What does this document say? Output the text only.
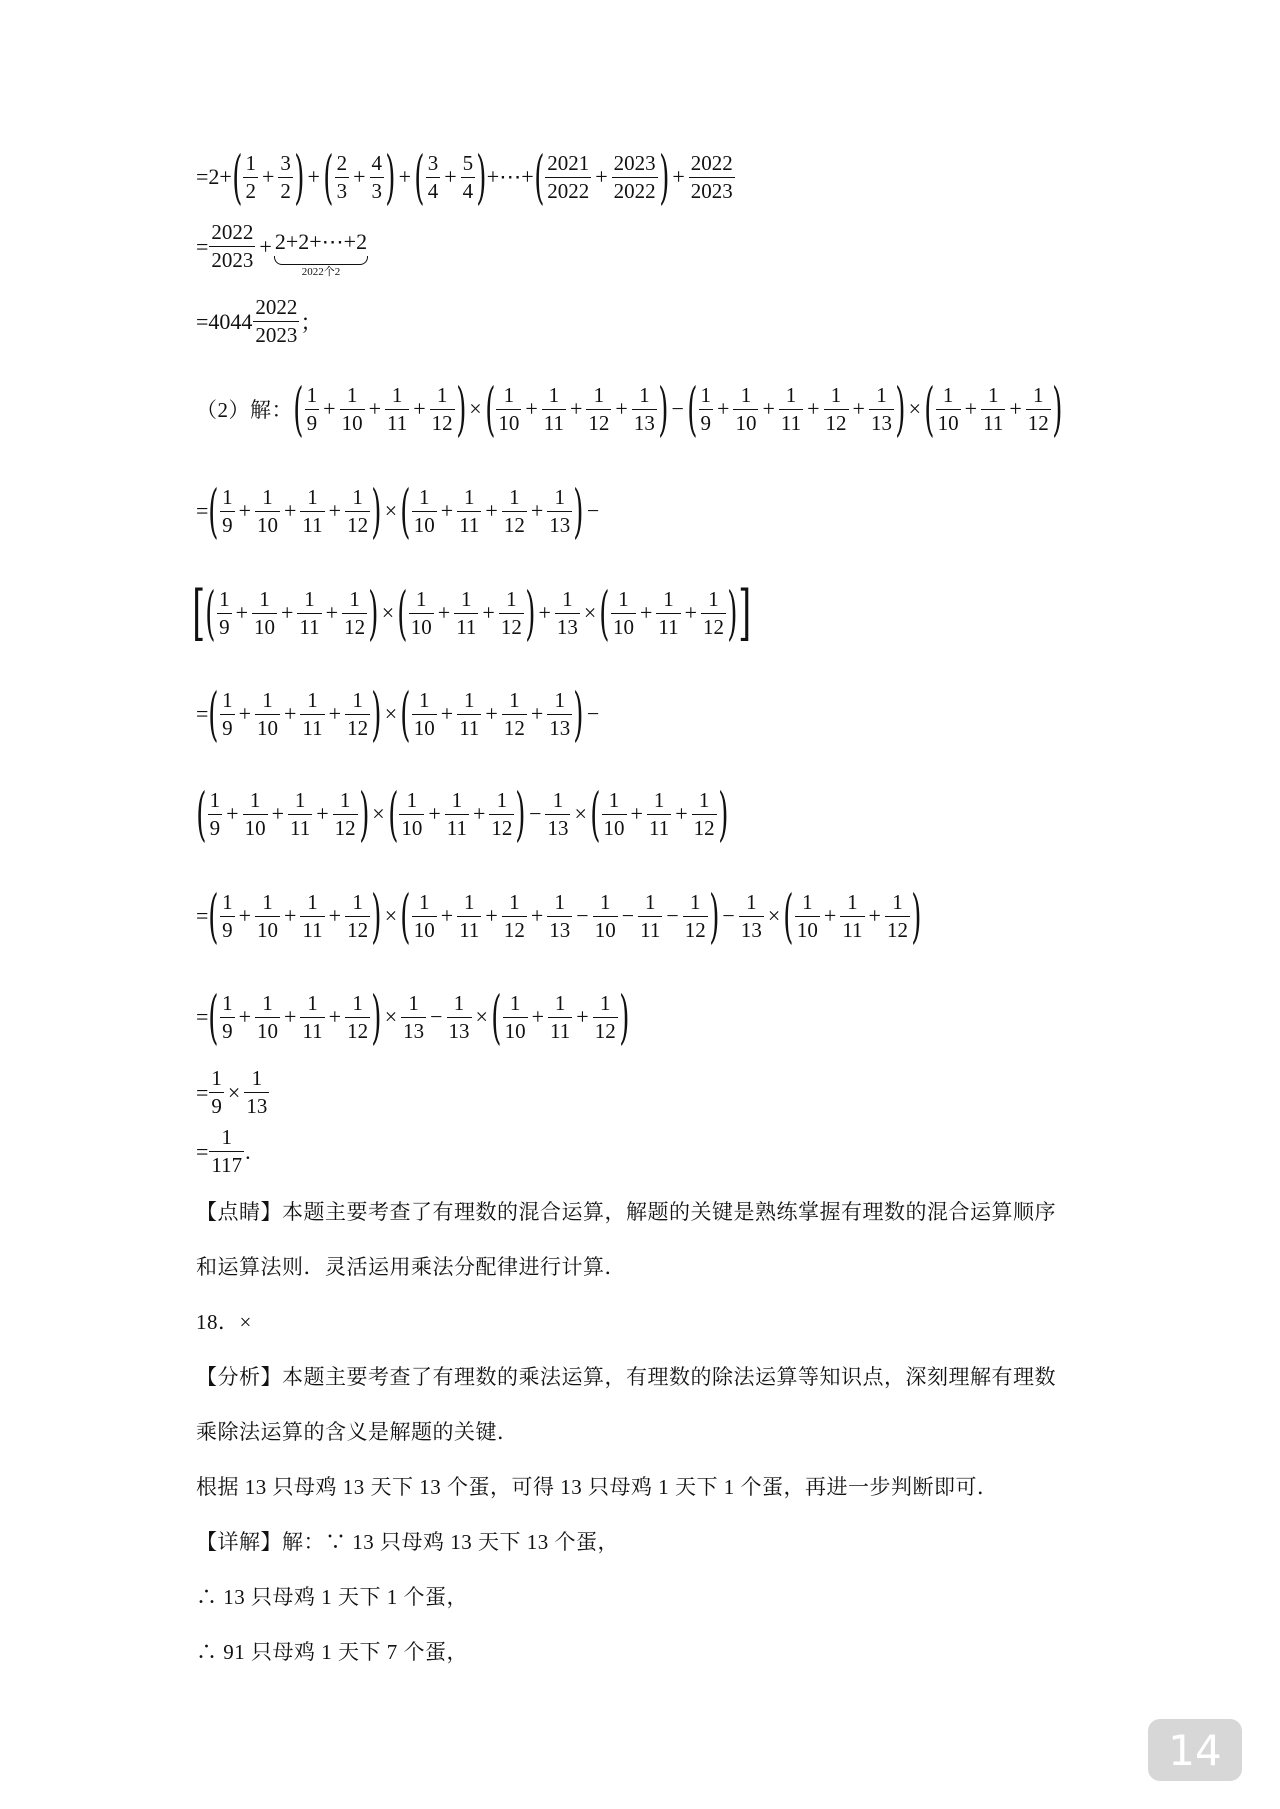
=2+ ( $\frac{1}{2} + \frac{3}{2}$ ) + ( $\frac{2}{3} + \frac{4}{3}$ ) + ( $\frac{3}{4} + \frac{5}{4}$ ) +⋯+ ( $\frac{2021}{2022} + \frac{2023}{2022}$ ) + $\frac{2022}{2023}$
= $\frac{2022}{2023}$ + 2+2+⋯+2
2022个2
$=4044 \frac{2022}{2023}$ ；
（2）解： ( $\frac{1}{9} + \frac{1}{10} + \frac{1}{11} + \frac{1}{12}$ ) × ( $\frac{1}{10} + \frac{1}{11} + \frac{1}{12} + \frac{1}{13}$ ) − ( $\frac{1}{9} + \frac{1}{10} + \frac{1}{11} + \frac{1}{12} + \frac{1}{13}$ ) × ( $\frac{1}{10} + \frac{1}{11} + \frac{1}{12}$ )
= ( $\frac{1}{9} + \frac{1}{10} + \frac{1}{11} + \frac{1}{12}$ ) × ( $\frac{1}{10} + \frac{1}{11} + \frac{1}{12} + \frac{1}{13}$ ) −
[ ( $\frac{1}{9} + \frac{1}{10} + \frac{1}{11} + \frac{1}{12}$ ) × ( $\frac{1}{10} + \frac{1}{11} + \frac{1}{12}$ ) + $\frac{1}{13}$ × ( $\frac{1}{10} + \frac{1}{11} + \frac{1}{12}$ ) ]
= ( $\frac{1}{9} + \frac{1}{10} + \frac{1}{11} + \frac{1}{12}$ ) × ( $\frac{1}{10} + \frac{1}{11} + \frac{1}{12} + \frac{1}{13}$ ) −
( $\frac{1}{9} + \frac{1}{10} + \frac{1}{11} + \frac{1}{12}$ ) × ( $\frac{1}{10} + \frac{1}{11} + \frac{1}{12}$ ) − $\frac{1}{13}$ × ( $\frac{1}{10} + \frac{1}{11} + \frac{1}{12}$ )
= ( $\frac{1}{9} + \frac{1}{10} + \frac{1}{11} + \frac{1}{12}$ ) × ( $\frac{1}{10} + \frac{1}{11} + \frac{1}{12} + \frac{1}{13} - \frac{1}{10} - \frac{1}{11} - \frac{1}{12}$ ) − $\frac{1}{13}$ × ( $\frac{1}{10} + \frac{1}{11} + \frac{1}{12}$ )
= ( $\frac{1}{9} + \frac{1}{10} + \frac{1}{11} + \frac{1}{12}$ ) × $\frac{1}{13} - \frac{1}{13}$ × ( $\frac{1}{10} + \frac{1}{11} + \frac{1}{12}$ )
= $\frac{1}{9} \times \frac{1}{13}$
= $\frac{1}{117}$ .
【点睛】本题主要考查了有理数的混合运算，解题的关键是熟练掌握有理数的混合运算顺序
和运算法则．灵活运用乘法分配律进行计算．
18．×
【分析】本题主要考查了有理数的乘法运算，有理数的除法运算等知识点，深刻理解有理数
乘除法运算的含义是解题的关键．
根据 13 只母鸡 13 天下 13 个蛋，可得 13 只母鸡 1 天下 1 个蛋，再进一步判断即可．
【详解】解：∵ 13 只母鸡 13 天下 13 个蛋，
∴ 13 只母鸡 1 天下 1 个蛋，
∴ 91 只母鸡 1 天下 7 个蛋，
14
